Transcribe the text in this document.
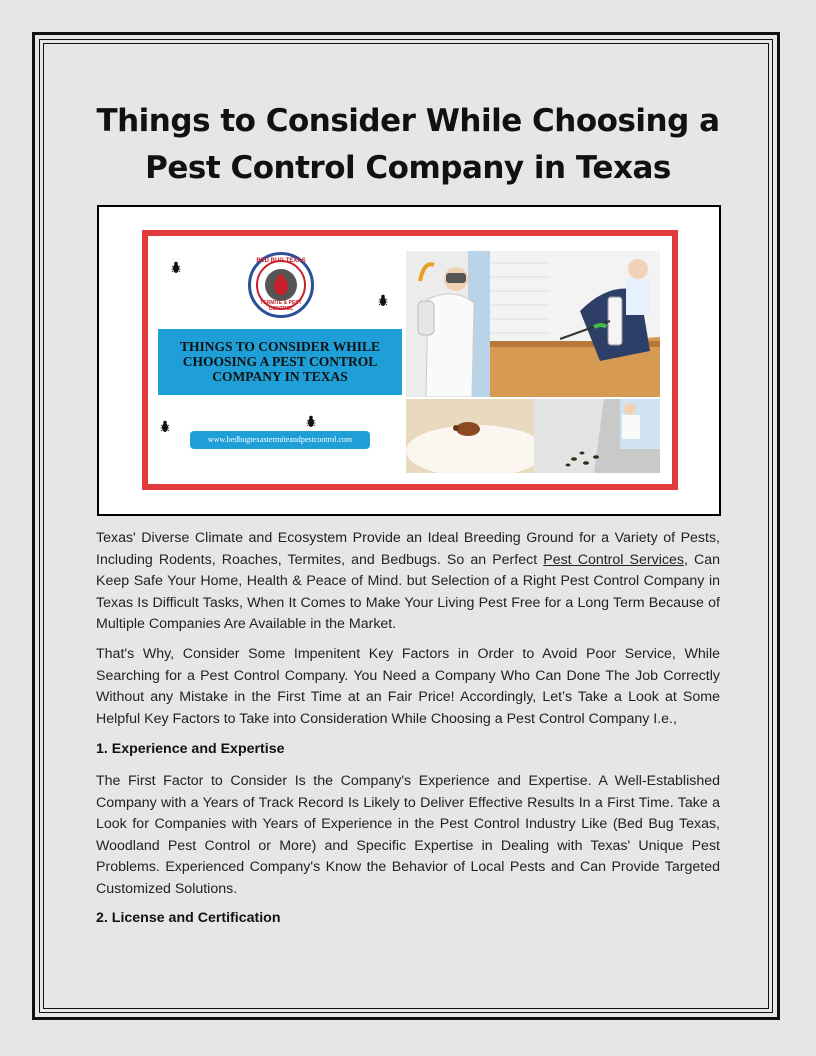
Things to Consider While Choosing a
Pest Control Company in Texas
BED BUG TEXAS
TERMITE & PEST CONTROL
THINGS TO CONSIDER WHILE
CHOOSING A PEST CONTROL
COMPANY IN TEXAS
www.bedbugtexastermiteandpestcontrol.com

Texas' Diverse Climate and Ecosystem Provide an Ideal Breeding Ground for a Variety of Pests, Including Rodents, Roaches, Termites, and Bedbugs. So an Perfect Pest Control Services, Can Keep Safe Your Home, Health & Peace of Mind. but Selection of a Right Pest Control Company in Texas Is Difficult Tasks, When It Comes to Make Your Living Pest Free for a Long Term Because of Multiple Companies Are Available in the Market.

That's Why, Consider Some Impenitent Key Factors in Order to Avoid Poor Service, While Searching for a Pest Control Company. You Need a Company Who Can Done The Job Correctly Without any Mistake in the First Time at an Fair Price! Accordingly, Let’s Take a Look at Some Helpful Key Factors to Take into Consideration While Choosing a Pest Control Company I.e.,

1. Experience and Expertise

The First Factor to Consider Is the Company's Experience and Expertise. A Well-Established Company with a Years of Track Record Is Likely to Deliver Effective Results In a First Time. Take a Look for Companies with Years of Experience in the Pest Control Industry Like (Bed Bug Texas, Woodland Pest Control or More) and Specific Expertise in Dealing with Texas' Unique Pest Problems. Experienced Company's Know the Behavior of Local Pests and Can Provide Targeted Customized Solutions.

2. License and Certification
